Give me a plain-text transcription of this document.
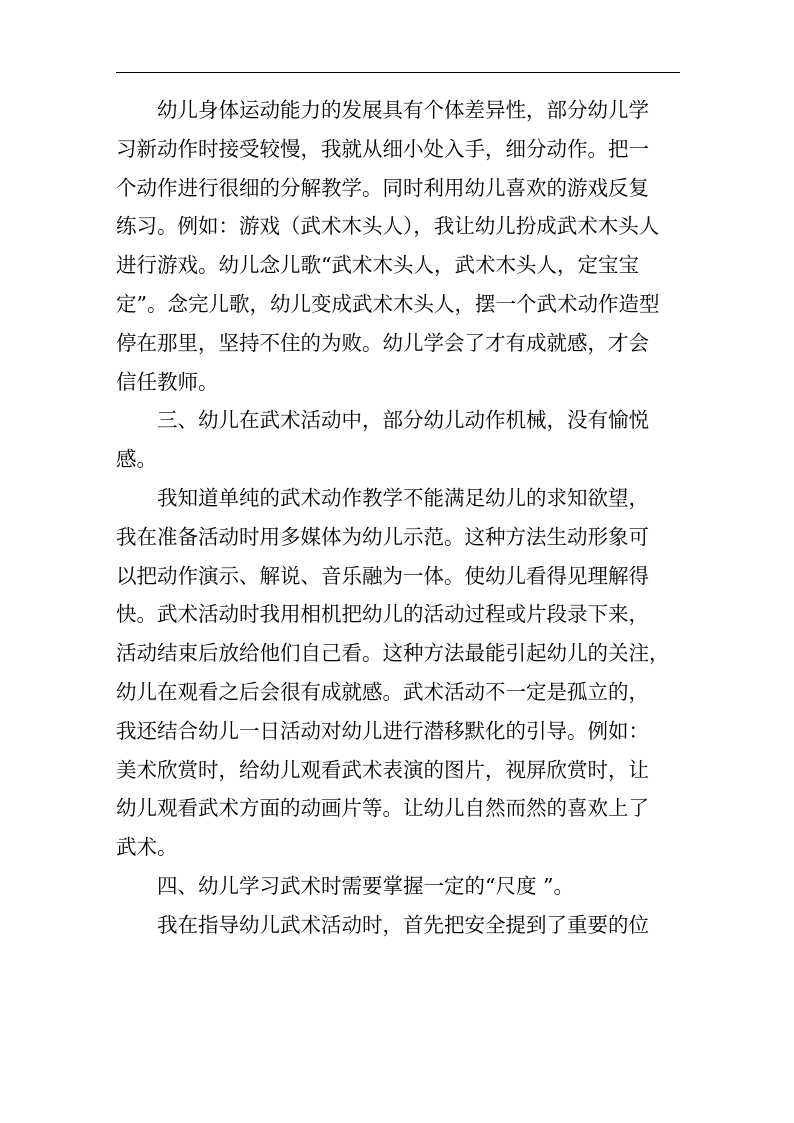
幼儿身体运动能力的发展具有个体差异性，部分幼儿学
习新动作时接受较慢，我就从细小处入手，细分动作。把一
个动作进行很细的分解教学。同时利用幼儿喜欢的游戏反复
练习。例如：游戏（武术木头人），我让幼儿扮成武术木头人
进行游戏。幼儿念儿歌“武术木头人，武术木头人，定宝宝
定”。念完儿歌，幼儿变成武术木头人，摆一个武术动作造型
停在那里，坚持不住的为败。幼儿学会了才有成就感，才会
信任教师。
三、幼儿在武术活动中，部分幼儿动作机械，没有愉悦
感。
我知道单纯的武术动作教学不能满足幼儿的求知欲望，
我在准备活动时用多媒体为幼儿示范。这种方法生动形象可
以把动作演示、解说、音乐融为一体。使幼儿看得见理解得
快。武术活动时我用相机把幼儿的活动过程或片段录下来，
活动结束后放给他们自己看。这种方法最能引起幼儿的关注，
幼儿在观看之后会很有成就感。武术活动不一定是孤立的，
我还结合幼儿一日活动对幼儿进行潜移默化的引导。例如：
美术欣赏时，给幼儿观看武术表演的图片，视屏欣赏时，让
幼儿观看武术方面的动画片等。让幼儿自然而然的喜欢上了
武术。
四、幼儿学习武术时需要掌握一定的“尺度 ”。
我在指导幼儿武术活动时，首先把安全提到了重要的位
